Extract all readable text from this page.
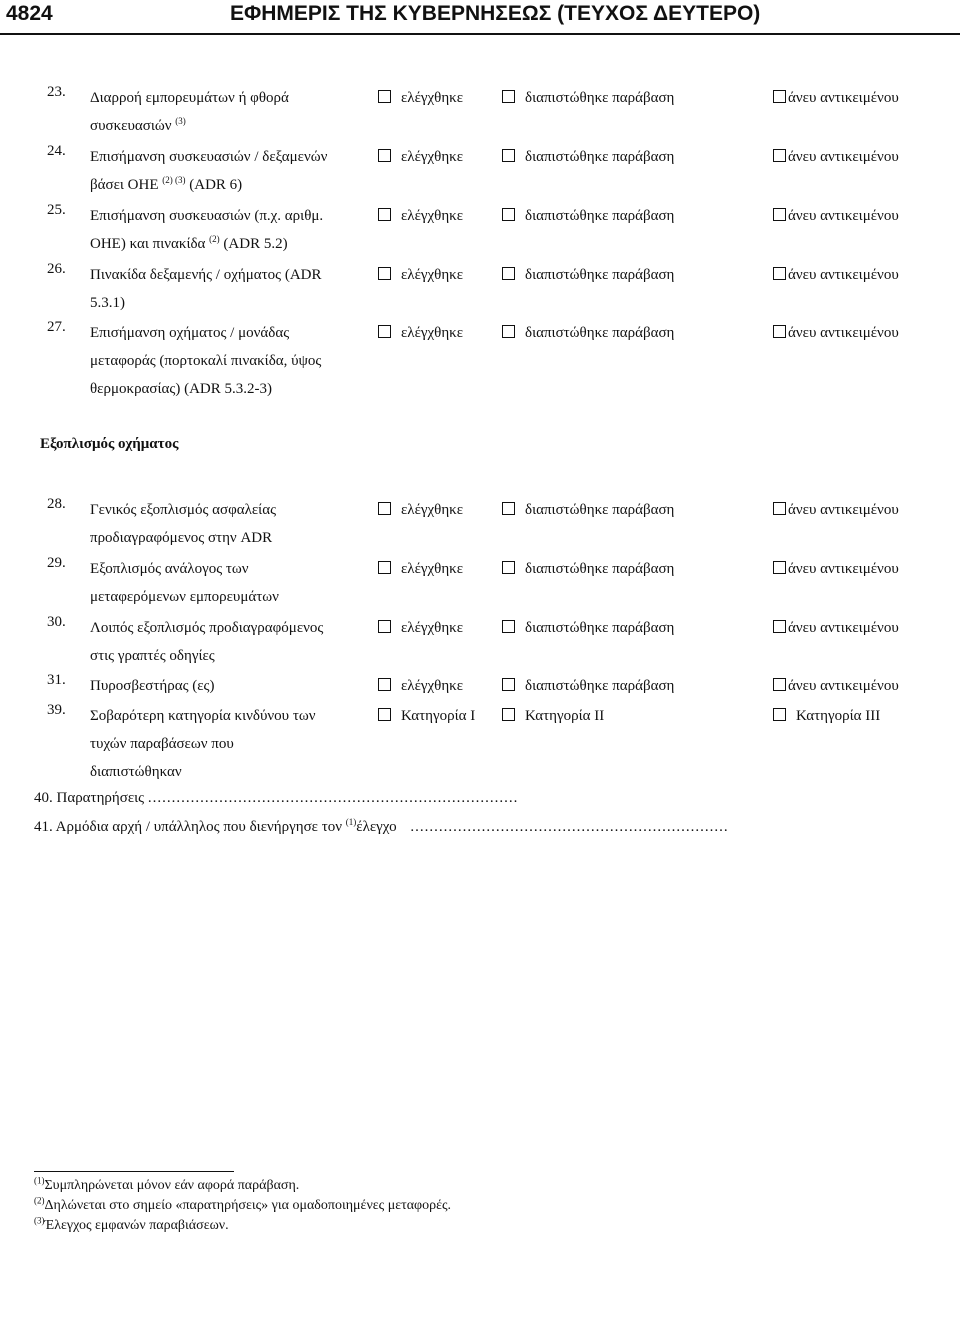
4824	ΕΦΗΜΕΡΙΣ ΤΗΣ ΚΥΒΕΡΝΗΣΕΩΣ (ΤΕΥΧΟΣ ΔΕΥΤΕΡΟ)
23. Διαρροή εμπορευμάτων ή φθορά
συσκευασιών $^{(3)}$
ελέγχθηκε	διαπιστώθηκε παράβαση	άνευ αντικειμένου
24. Επισήμανση συσκευασιών / δεξαμενών
βάσει ΟΗΕ $^{(2) (3)}$ (ADR 6)
ελέγχθηκε	διαπιστώθηκε παράβαση	άνευ αντικειμένου
25. Επισήμανση συσκευασιών (π.χ. αριθμ.
ΟΗΕ) και πινακίδα $^{(2)}$ (ADR 5.2)
ελέγχθηκε	διαπιστώθηκε παράβαση	άνευ αντικειμένου
26. Πινακίδα δεξαμενής / οχήματος (ADR
5.3.1)
ελέγχθηκε	διαπιστώθηκε παράβαση	άνευ αντικειμένου
27. Επισήμανση οχήματος / μονάδας
μεταφοράς (πορτοκαλί πινακίδα, ύψος
θερμοκρασίας) (ADR 5.3.2-3)
ελέγχθηκε	διαπιστώθηκε παράβαση	άνευ αντικειμένου
Εξοπλισμός οχήματος
28. Γενικός εξοπλισμός ασφαλείας
προδιαγραφόμενος στην ADR
ελέγχθηκε	διαπιστώθηκε παράβαση	άνευ αντικειμένου
29. Εξοπλισμός ανάλογος των
μεταφερόμενων εμπορευμάτων
ελέγχθηκε	διαπιστώθηκε παράβαση	άνευ αντικειμένου
30. Λοιπός εξοπλισμός προδιαγραφόμενος
στις γραπτές οδηγίες
ελέγχθηκε	διαπιστώθηκε παράβαση	άνευ αντικειμένου
31. Πυροσβεστήρας (ες)	ελέγχθηκε	διαπιστώθηκε παράβαση	άνευ αντικειμένου
39. Σοβαρότερη κατηγορία κινδύνου των
τυχών παραβάσεων που
διαπιστώθηκαν
Κατηγορία I	Κατηγορία II	Κατηγορία III
40. Παρατηρήσεις ..............................................................................
41. Αρμόδια αρχή / υπάλληλος που διενήργησε τον $^{(1)}$έλεγχο ...................................................................
$^{(1)}$Συμπληρώνεται μόνον εάν αφορά παράβαση.
$^{(2)}$Δηλώνεται στο σημείο «παρατηρήσεις» για ομαδοποιημένες μεταφορές.
$^{(3)}$Έλεγχος εμφανών παραβιάσεων.
